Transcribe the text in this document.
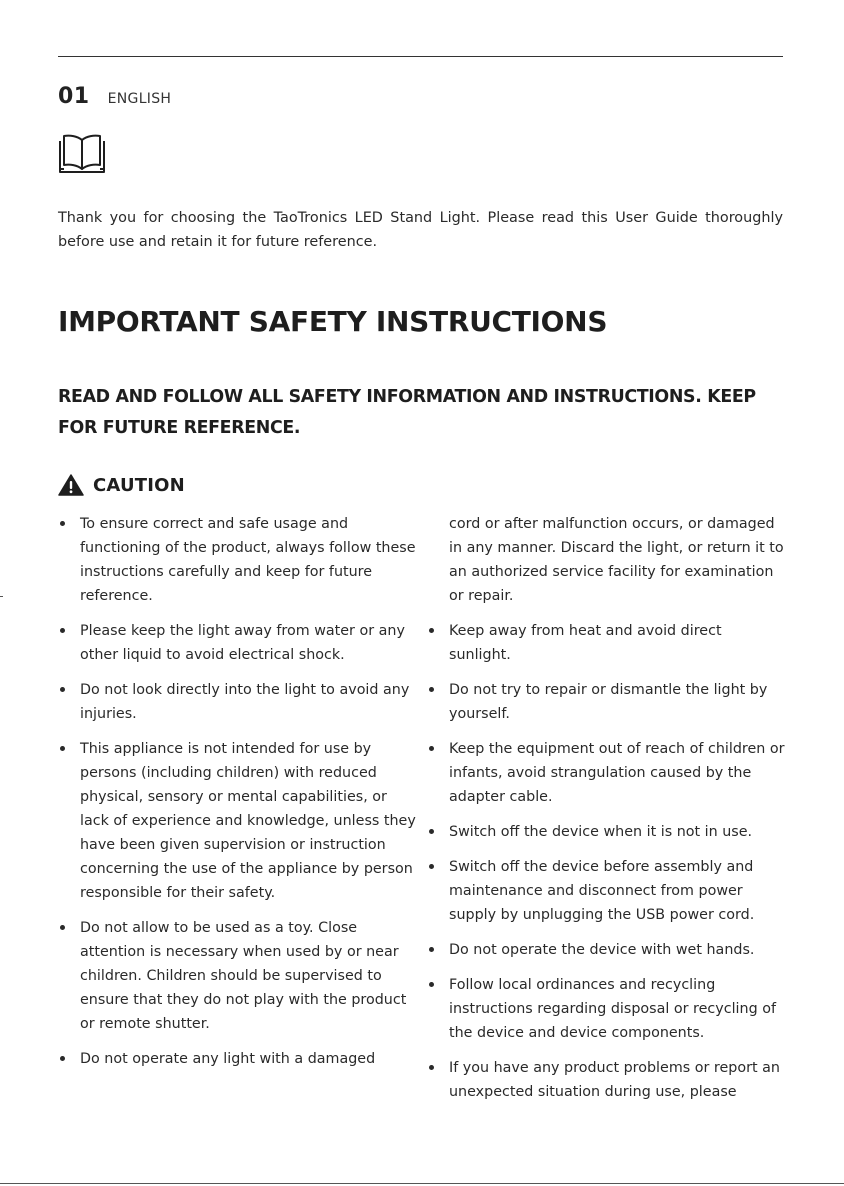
01 ENGLISH

Thank you for choosing the TaoTronics LED Stand Light. Please read this User Guide thoroughly before use and retain it for future reference.

IMPORTANT SAFETY INSTRUCTIONS
READ AND FOLLOW ALL SAFETY INFORMATION AND INSTRUCTIONS. KEEP FOR FUTURE REFERENCE.
CAUTION
To ensure correct and safe usage and functioning of the product, always follow these instructions carefully and keep for future reference.
Please keep the light away from water or any other liquid to avoid electrical shock.
Do not look directly into the light to avoid any injuries.
This appliance is not intended for use by persons (including children) with reduced physical, sensory or mental capabilities, or lack of experience and knowledge, unless they have been given supervision or instruction concerning the use of the appliance by person responsible for their safety.
Do not allow to be used as a toy. Close attention is necessary when used by or near children. Children should be supervised to ensure that they do not play with the product or remote shutter.
Do not operate any light with a damaged
cord or after malfunction occurs, or damaged in any manner. Discard the light, or return it to an authorized service facility for examination or repair.
Keep away from heat and avoid direct sunlight.
Do not try to repair or dismantle the light by yourself.
Keep the equipment out of reach of children or infants, avoid strangulation caused by the adapter cable.
Switch off the device when it is not in use.
Switch off the device before assembly and maintenance and disconnect from power supply by unplugging the USB power cord.
Do not operate the device with wet hands.
Follow local ordinances and recycling instructions regarding disposal or recycling of the device and device components.
If you have any product problems or report an unexpected situation during use, please
